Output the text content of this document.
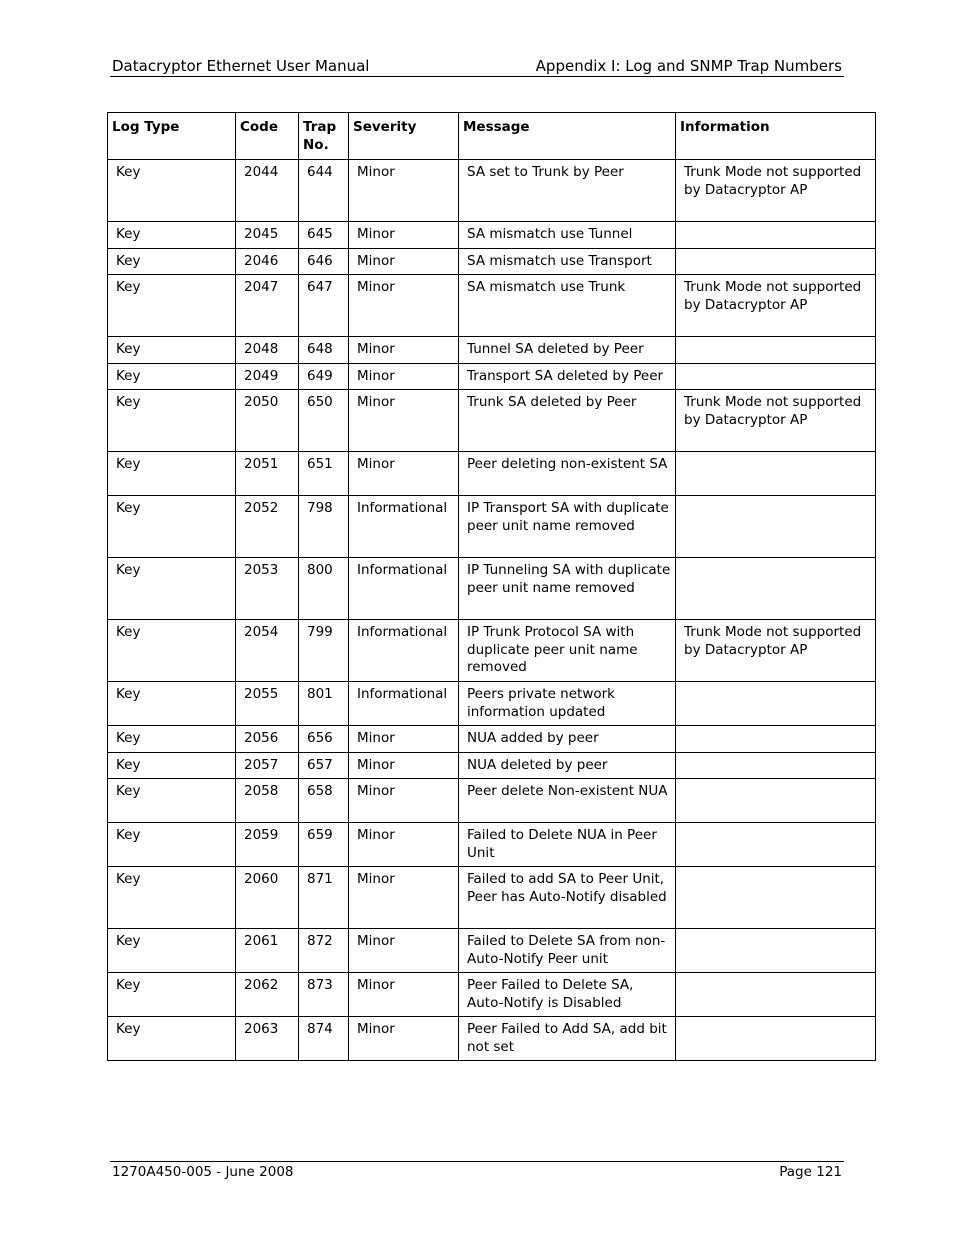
Datacryptor Ethernet User Manual	Appendix I: Log and SNMP Trap Numbers
Log Type	Code	Trap No.	Severity	Message	Information
Key	2044	644	Minor	SA set to Trunk by Peer	Trunk Mode not supported by Datacryptor AP
Key	2045	645	Minor	SA mismatch use Tunnel	
Key	2046	646	Minor	SA mismatch use Transport	
Key	2047	647	Minor	SA mismatch use Trunk	Trunk Mode not supported by Datacryptor AP
Key	2048	648	Minor	Tunnel SA deleted by Peer	
Key	2049	649	Minor	Transport SA deleted by Peer	
Key	2050	650	Minor	Trunk SA deleted by Peer	Trunk Mode not supported by Datacryptor AP
Key	2051	651	Minor	Peer deleting non-existent SA	
Key	2052	798	Informational	IP Transport SA with duplicate peer unit name removed	
Key	2053	800	Informational	IP Tunneling SA with duplicate peer unit name removed	
Key	2054	799	Informational	IP Trunk Protocol SA with duplicate peer unit name removed	Trunk Mode not supported by Datacryptor AP
Key	2055	801	Informational	Peers private network information updated	
Key	2056	656	Minor	NUA added by peer	
Key	2057	657	Minor	NUA deleted by peer	
Key	2058	658	Minor	Peer delete Non-existent NUA	
Key	2059	659	Minor	Failed to Delete NUA in Peer Unit	
Key	2060	871	Minor	Failed to add SA to Peer Unit, Peer has Auto-Notify disabled	
Key	2061	872	Minor	Failed to Delete SA from non-Auto-Notify Peer unit	
Key	2062	873	Minor	Peer Failed to Delete SA, Auto-Notify is Disabled	
Key	2063	874	Minor	Peer Failed to Add SA, add bit not set	
1270A450-005 - June 2008	Page 121
